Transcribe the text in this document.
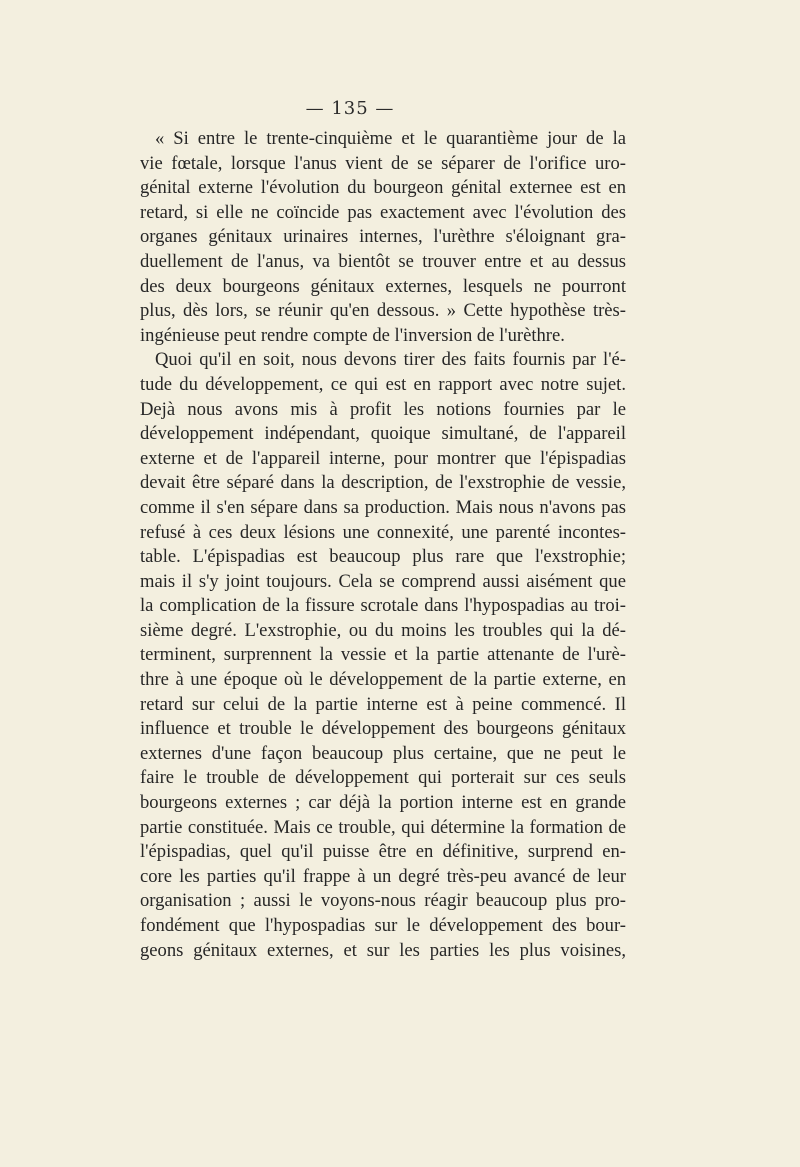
— 135 —
« Si entre le trente-cinquième et le quarantième jour de la
vie fœtale, lorsque l'anus vient de se séparer de l'orifice uro-
génital externe l'évolution du bourgeon génital externee est en
retard, si elle ne coïncide pas exactement avec l'évolution des
organes génitaux urinaires internes, l'urèthre s'éloignant gra-
duellement de l'anus, va bientôt se trouver entre et au dessus
des deux bourgeons génitaux externes, lesquels ne pourront
plus, dès lors, se réunir qu'en dessous. » Cette hypothèse très-
ingénieuse peut rendre compte de l'inversion de l'urèthre.
Quoi qu'il en soit, nous devons tirer des faits fournis par l'é-
tude du développement, ce qui est en rapport avec notre sujet.
Dejà nous avons mis à profit les notions fournies par le
développement indépendant, quoique simultané, de l'appareil
externe et de l'appareil interne, pour montrer que l'épispadias
devait être séparé dans la description, de l'exstrophie de vessie,
comme il s'en sépare dans sa production. Mais nous n'avons pas
refusé à ces deux lésions une connexité, une parenté incontes-
table. L'épispadias est beaucoup plus rare que l'exstrophie;
mais il s'y joint toujours. Cela se comprend aussi aisément que
la complication de la fissure scrotale dans l'hypospadias au troi-
sième degré. L'exstrophie, ou du moins les troubles qui la dé-
terminent, surprennent la vessie et la partie attenante de l'urè-
thre à une époque où le développement de la partie externe, en
retard sur celui de la partie interne est à peine commencé. Il
influence et trouble le développement des bourgeons génitaux
externes d'une façon beaucoup plus certaine, que ne peut le
faire le trouble de développement qui porterait sur ces seuls
bourgeons externes ; car déjà la portion interne est en grande
partie constituée. Mais ce trouble, qui détermine la formation de
l'épispadias, quel qu'il puisse être en définitive, surprend en-
core les parties qu'il frappe à un degré très-peu avancé de leur
organisation ; aussi le voyons-nous réagir beaucoup plus pro-
fondément que l'hypospadias sur le développement des bour-
geons génitaux externes, et sur les parties les plus voisines,
